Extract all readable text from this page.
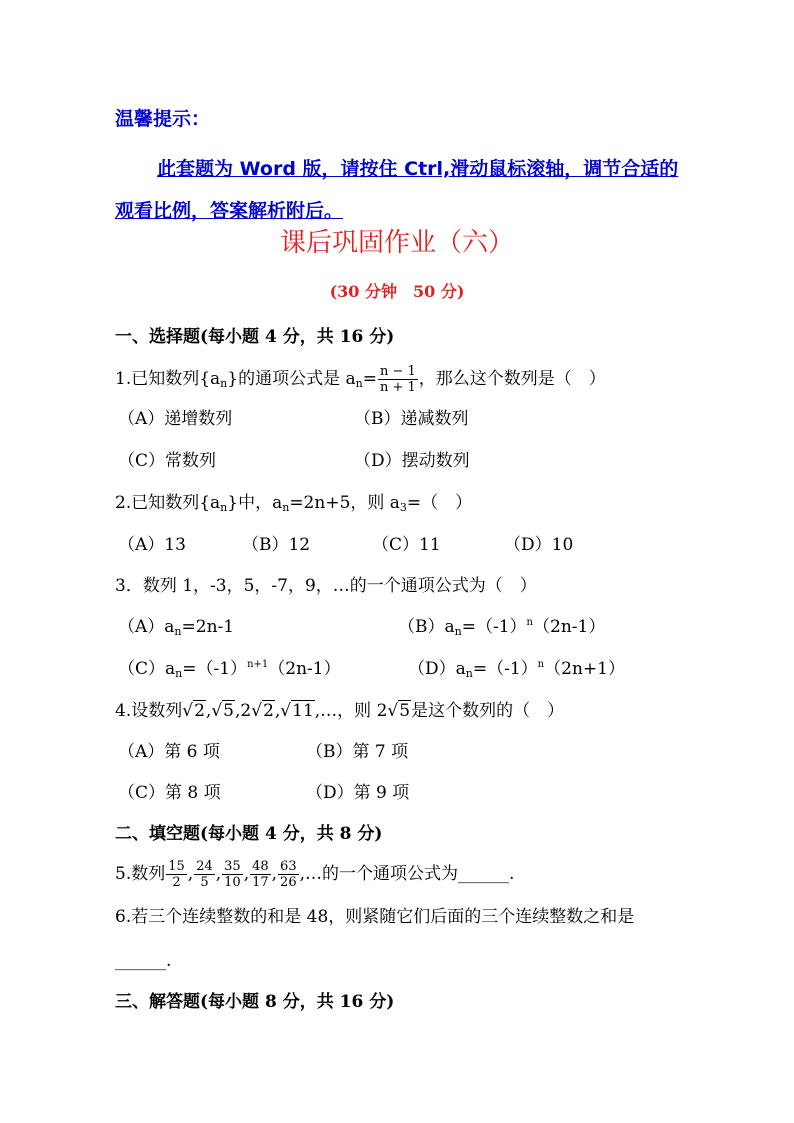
温馨提示：
此套题为 Word 版，请按住 Ctrl,滑动鼠标滚轴，调节合适的观看比例，答案解析附后。
课后巩固作业（六）
(30 分钟　50 分)
一、选择题(每小题 4 分，共 16 分)
1.已知数列$\{a_n\}$的通项公式是 $a_n= \frac{n - 1}{n + 1}$ ，那么这个数列是（　）
（A）递增数列	（B）递减数列
（C）常数列	（D）摆动数列
2.已知数列$\{a_n\}$中，$a_n=2n+5$，则 $a_3=$（　）
（A）13	（B）12	（C）11	（D）10
3．数列 1，-3，5，-7，9，…的一个通项公式为（　）
$(A)a_n=2n-1$	$(B)a_n=(-1)^n(2n-1)$
$(C)a_n=(-1)^{n+1}(2n-1)$	$(D)a_n=(-1)^n(2n+1)$
4.设数列√2,√5,2√2,√11,…，则 2√5是这个数列的（　）
（A）第 6 项	（B）第 7 项
（C）第 8 项	（D）第 9 项
二、填空题(每小题 4 分，共 8 分)
5.数列 $\frac{15}{2}$ , $\frac{24}{5}$ , $\frac{35}{10}$ , $\frac{48}{17}$ , $\frac{63}{26}$ ,…的一个通项公式为______.
6.若三个连续整数的和是 48，则紧随它们后面的三个连续整数之和是
______.
三、解答题(每小题 8 分，共 16 分)
